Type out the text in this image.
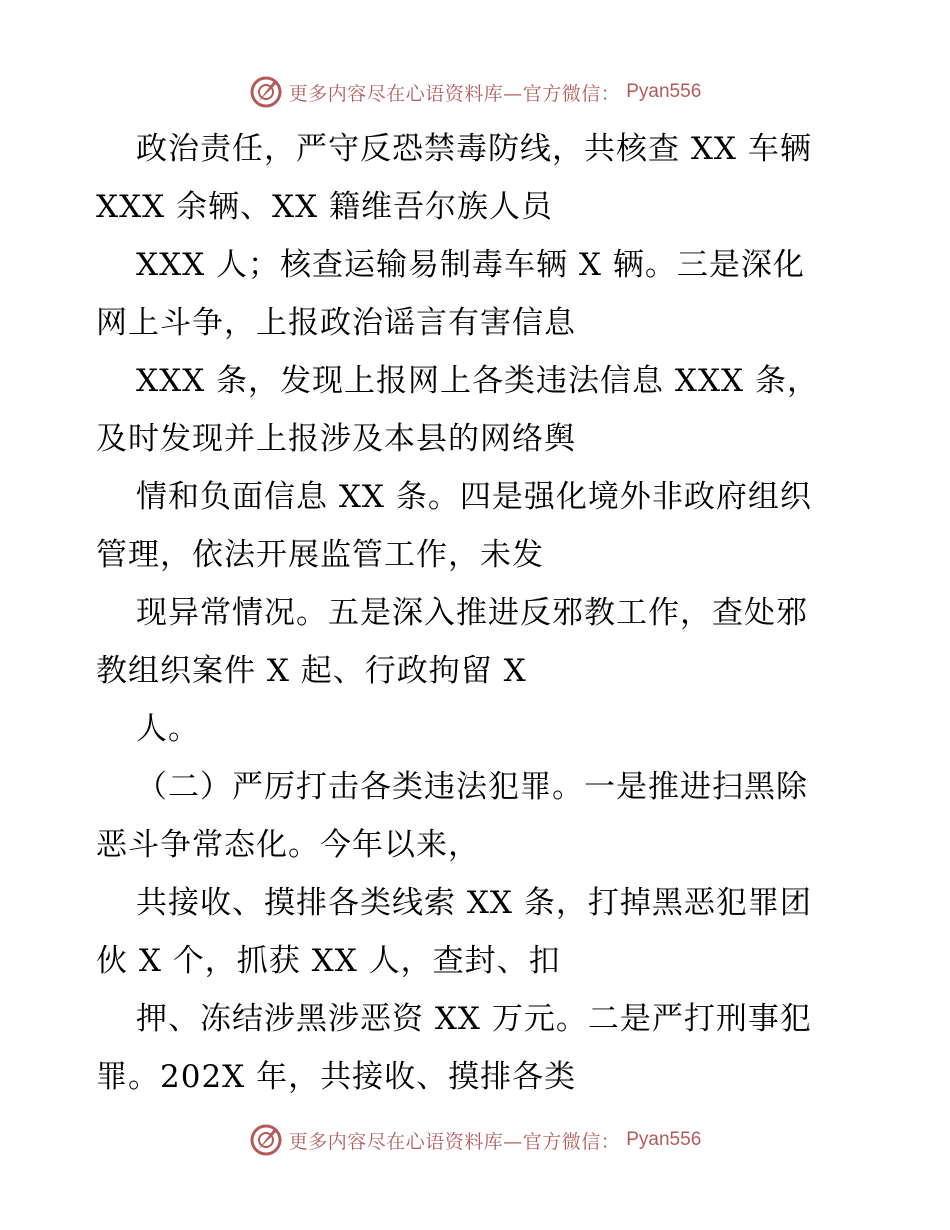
更多内容尽在心语资料库—官方微信： Pyan556
政治责任，严守反恐禁毒防线，共核查 XX 车辆
XXX 余辆、XX 籍维吾尔族人员
XXX 人；核查运输易制毒车辆 X 辆。三是深化
网上斗争，上报政治谣言有害信息
XXX 条，发现上报网上各类违法信息 XXX 条，
及时发现并上报涉及本县的网络舆
情和负面信息 XX 条。四是强化境外非政府组织
管理，依法开展监管工作，未发
现异常情况。五是深入推进反邪教工作，查处邪
教组织案件 X 起、行政拘留 X
人。
（二）严厉打击各类违法犯罪。一是推进扫黑除
恶斗争常态化。今年以来，
共接收、摸排各类线索 XX 条，打掉黑恶犯罪团
伙 X 个，抓获 XX 人，查封、扣
押、冻结涉黑涉恶资 XX 万元。二是严打刑事犯
罪。202X 年，共接收、摸排各类
更多内容尽在心语资料库—官方微信： Pyan556
